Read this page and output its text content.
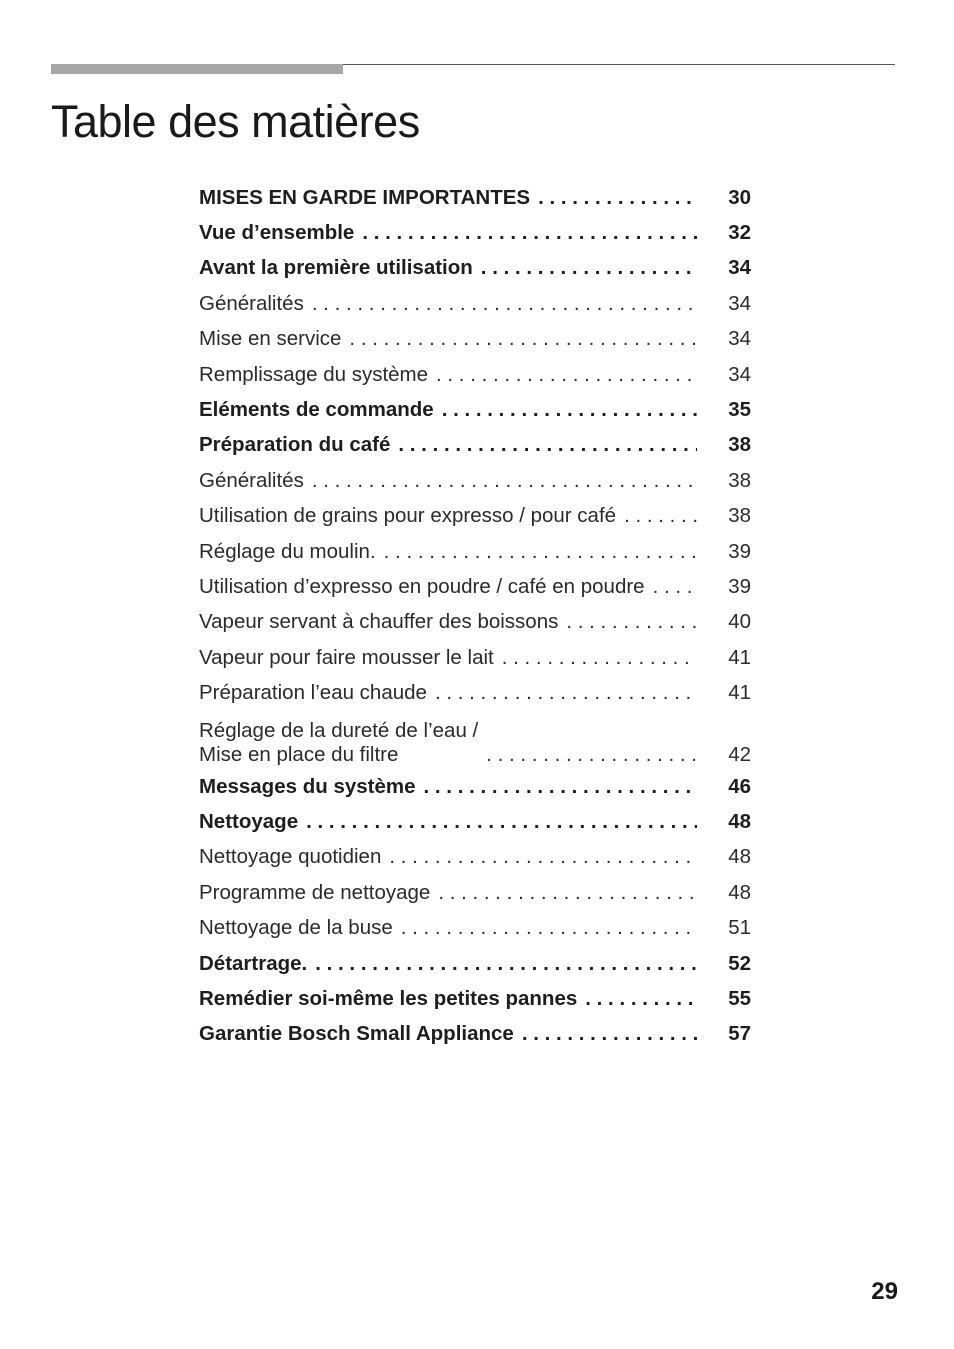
Table des matières
MISES EN GARDE IMPORTANTES . . .	30
Vue d’ensemble . . .	32
Avant la première utilisation . . .	34
Généralités . . .	34
Mise en service . . .	34
Remplissage du système . . .	34
Eléments de commande . . .	35
Préparation du café . . .	38
Généralités . . .	38
Utilisation de grains pour expresso / pour café . . .	38
Réglage du moulin. . . .	39
Utilisation d’expresso en poudre / café en poudre . . .	39
Vapeur servant à chauffer des boissons . . .	40
Vapeur pour faire mousser le lait . . .	41
Préparation l’eau chaude . . .	41
Réglage de la dureté de l’eau /
Mise en place du filtre . . .	42
Messages du système . . .	46
Nettoyage . . .	48
Nettoyage quotidien . . .	48
Programme de nettoyage . . .	48
Nettoyage de la buse . . .	51
Détartrage. . . .	52
Remédier soi-même les petites pannes . . .	55
Garantie Bosch Small Appliance . . .	57
29
